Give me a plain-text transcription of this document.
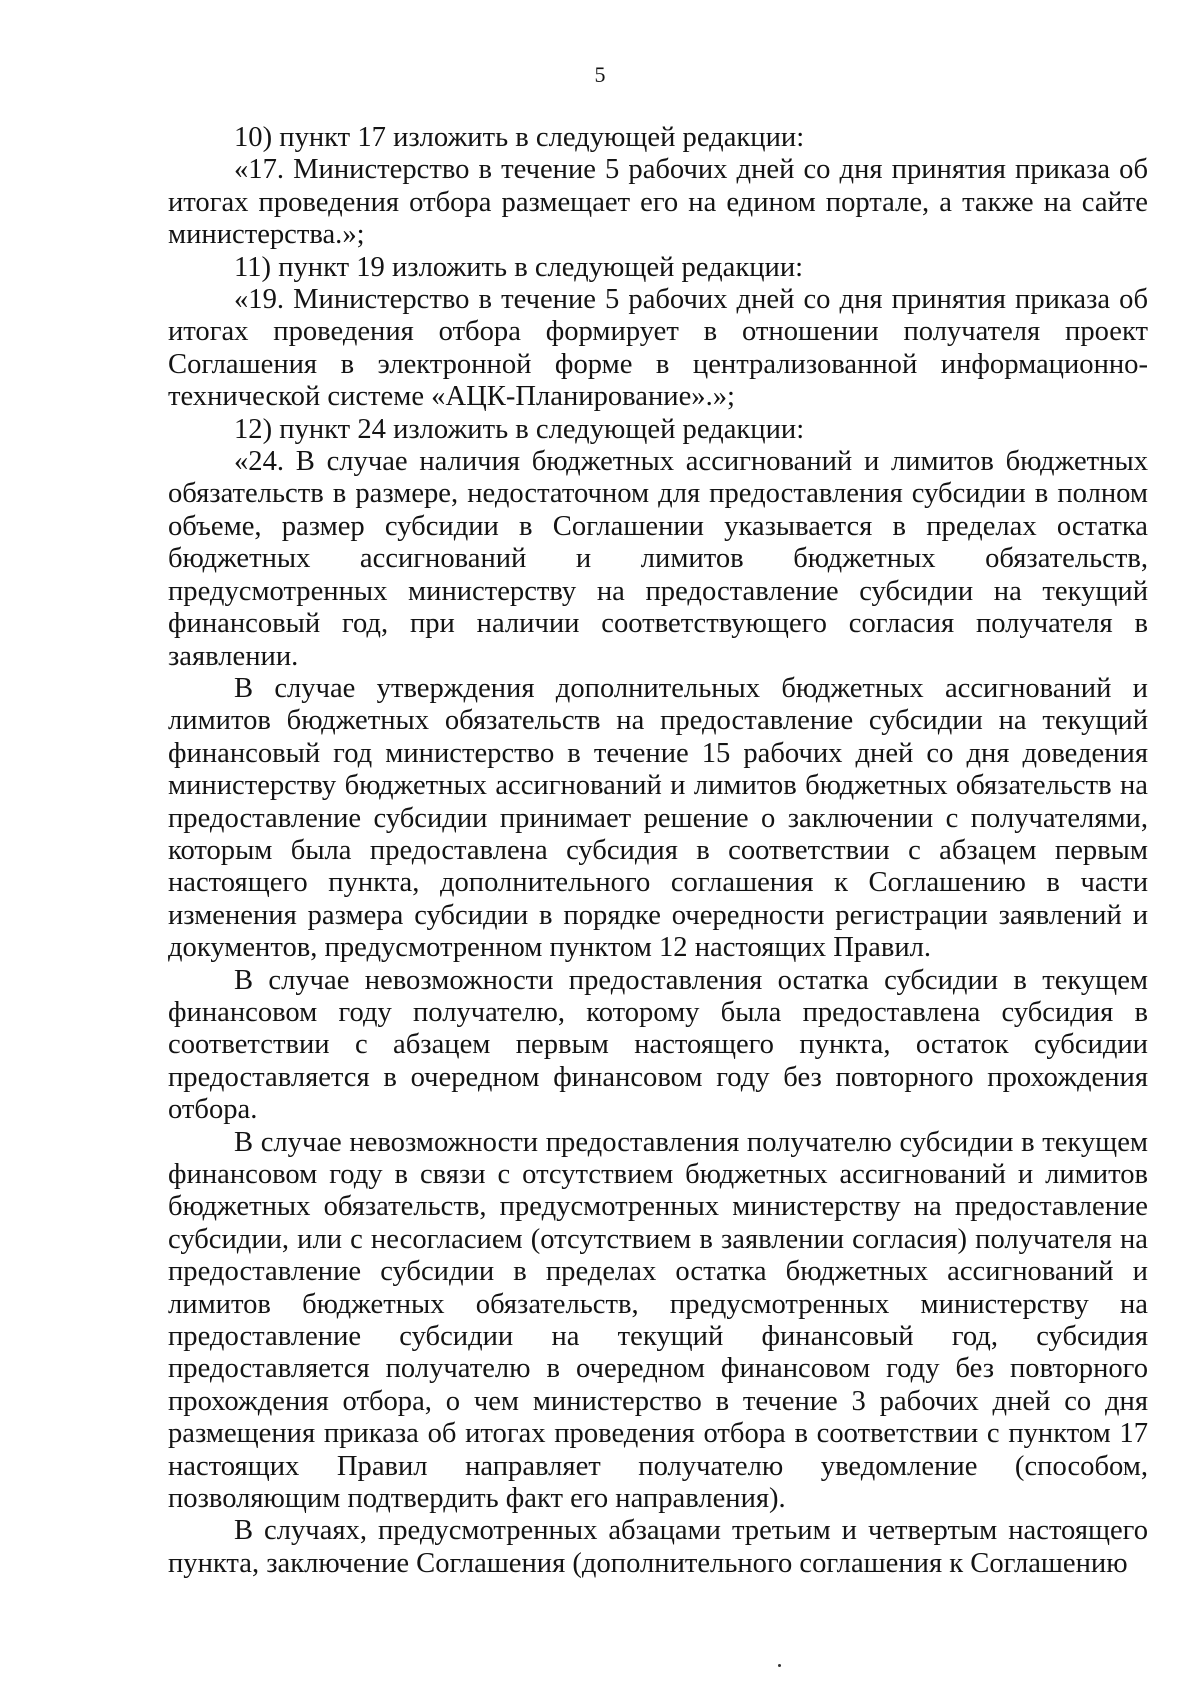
5

10) пункт 17 изложить в следующей редакции:

«17. Министерство в течение 5 рабочих дней со дня принятия приказа об итогах проведения отбора размещает его на едином портале, а также на сайте министерства.»;

11) пункт 19 изложить в следующей редакции:

«19. Министерство в течение 5 рабочих дней со дня принятия приказа об итогах проведения отбора формирует в отношении получателя проект Соглашения в электронной форме в централизованной информационно-технической системе «АЦК-Планирование».»;

12) пункт 24 изложить в следующей редакции:

«24. В случае наличия бюджетных ассигнований и лимитов бюджетных обязательств в размере, недостаточном для предоставления субсидии в полном объеме, размер субсидии в Соглашении указывается в пределах остатка бюджетных ассигнований и лимитов бюджетных обязательств, предусмотренных министерству на предоставление субсидии на текущий финансовый год, при наличии соответствующего согласия получателя в заявлении.

В случае утверждения дополнительных бюджетных ассигнований и лимитов бюджетных обязательств на предоставление субсидии на текущий финансовый год министерство в течение 15 рабочих дней со дня доведения министерству бюджетных ассигнований и лимитов бюджетных обязательств на предоставление субсидии принимает решение о заключении с получателями, которым была предоставлена субсидия в соответствии с абзацем первым настоящего пункта, дополнительного соглашения к Соглашению в части изменения размера субсидии в порядке очередности регистрации заявлений и документов, предусмотренном пунктом 12 настоящих Правил.

В случае невозможности предоставления остатка субсидии в текущем финансовом году получателю, которому была предоставлена субсидия в соответствии с абзацем первым настоящего пункта, остаток субсидии предоставляется в очередном финансовом году без повторного прохождения отбора.

В случае невозможности предоставления получателю субсидии в текущем финансовом году в связи с отсутствием бюджетных ассигнований и лимитов бюджетных обязательств, предусмотренных министерству на предоставление субсидии, или с несогласием (отсутствием в заявлении согласия) получателя на предоставление субсидии в пределах остатка бюджетных ассигнований и лимитов бюджетных обязательств, предусмотренных министерству на предоставление субсидии на текущий финансовый год, субсидия предоставляется получателю в очередном финансовом году без повторного прохождения отбора, о чем министерство в течение 3 рабочих дней со дня размещения приказа об итогах проведения отбора в соответствии с пунктом 17 настоящих Правил направляет получателю уведомление (способом, позволяющим подтвердить факт его направления).

В случаях, предусмотренных абзацами третьим и четвертым настоящего пункта, заключение Соглашения (дополнительного соглашения к Соглашению
